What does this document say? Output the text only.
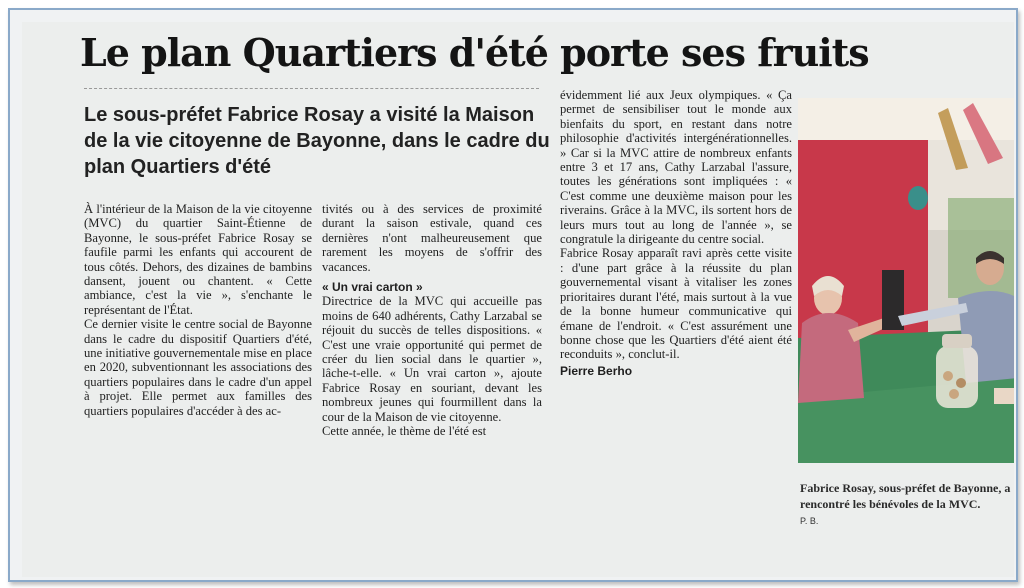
Le plan Quartiers d'été porte ses fruits
Le sous-préfet Fabrice Rosay a visité la Maison de la vie citoyenne de Bayonne, dans le cadre du plan Quartiers d'été

À l'intérieur de la Maison de la vie citoyenne (MVC) du quartier Saint-Étienne de Bayonne, le sous-préfet Fabrice Rosay se faufile parmi les enfants qui accourent de tous côtés. Dehors, des dizaines de bambins dansent, jouent ou chantent. « Cette ambiance, c'est la vie », s'enchante le représentant de l'État.

Ce dernier visite le centre social de Bayonne dans le cadre du dispositif Quartiers d'été, une initiative gouvernementale mise en place en 2020, subventionnant les associations des quartiers populaires dans le cadre d'un appel à projet. Elle permet aux familles des quartiers populaires d'accéder à des ac-

tivités ou à des services de proximité durant la saison estivale, quand ces dernières n'ont malheureusement que rarement les moyens de s'offrir des vacances.

« Un vrai carton »

Directrice de la MVC qui accueille pas moins de 640 adhérents, Cathy Larzabal se réjouit du succès de telles dispositions. « C'est une vraie opportunité qui permet de créer du lien social dans le quartier », lâche-t-elle. « Un vrai carton », ajoute Fabrice Rosay en souriant, devant les nombreux jeunes qui fourmillent dans la cour de la Maison de vie citoyenne.

Cette année, le thème de l'été est

évidemment lié aux Jeux olympiques. « Ça permet de sensibiliser tout le monde aux bienfaits du sport, en restant dans notre philosophie d'activités intergénérationnelles. » Car si la MVC attire de nombreux enfants entre 3 et 17 ans, Cathy Larzabal l'assure, toutes les générations sont impliquées : « C'est comme une deuxième maison pour les riverains. Grâce à la MVC, ils sortent hors de leurs murs tout au long de l'année », se congratule la dirigeante du centre social.

Fabrice Rosay apparaît ravi après cette visite : d'une part grâce à la réussite du plan gouvernemental visant à vitaliser les zones prioritaires durant l'été, mais surtout à la vue de la bonne humeur communicative qui émane de l'endroit. « C'est assurément une bonne chose que les Quartiers d'été aient été reconduits », conclut-il.

Pierre Berho

Fabrice Rosay, sous-préfet de Bayonne, a rencontré les bénévoles de la MVC.
P. B.
